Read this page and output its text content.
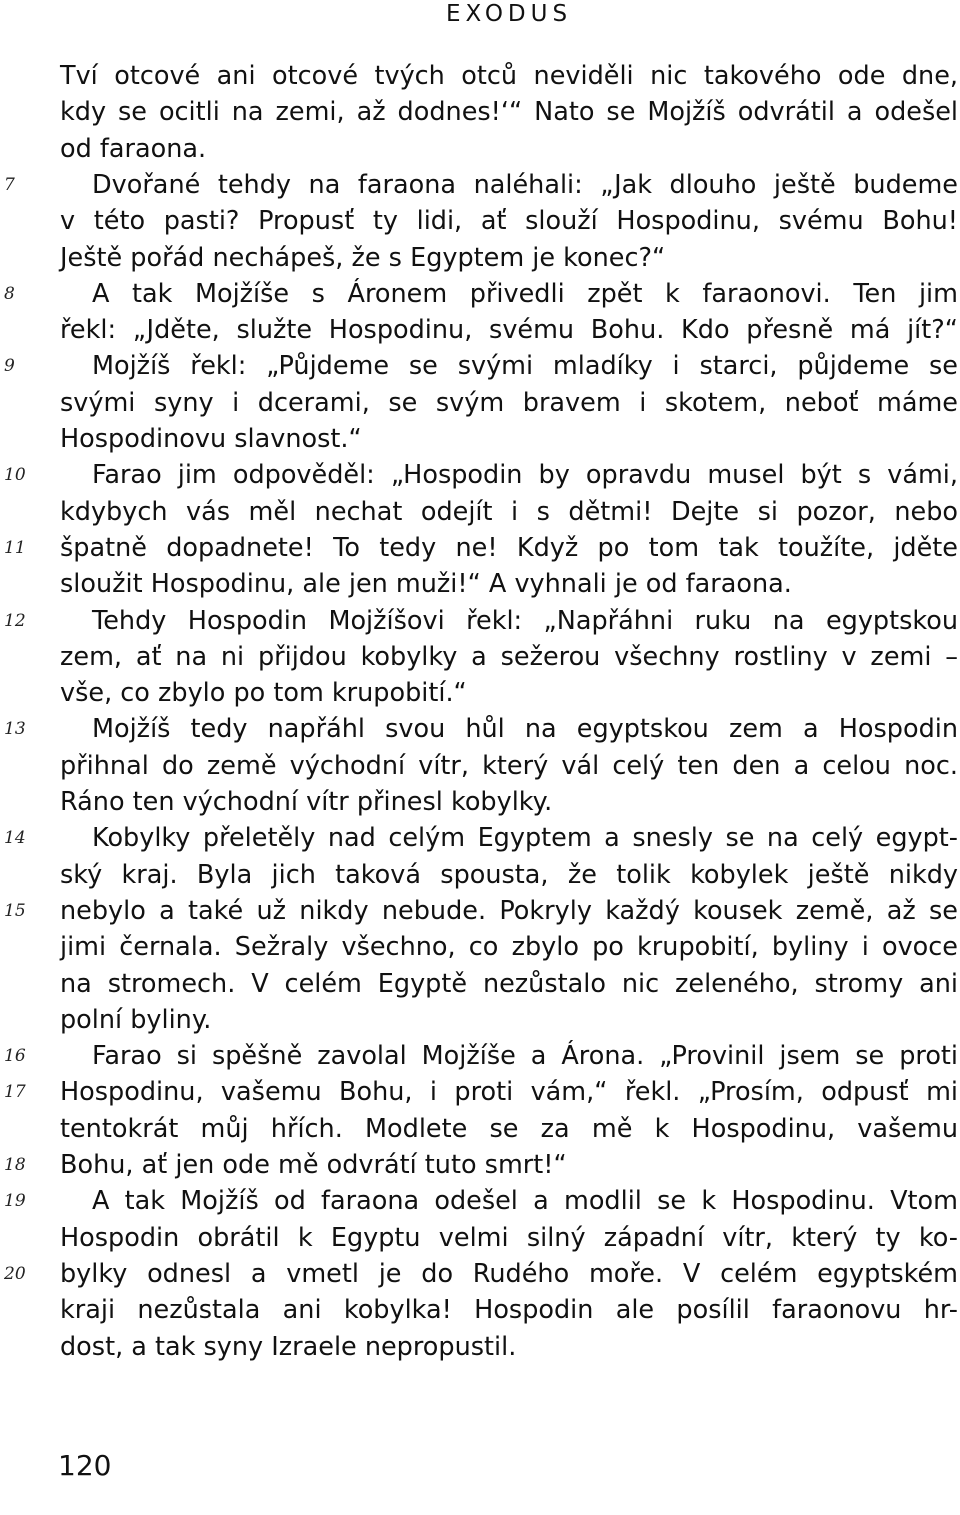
EXODUS
Tví otcové ani otcové tvých otců neviděli nic takového ode dne,
kdy se ocitli na zemi, až dodnes!‘“ Nato se Mojžíš odvrátil a odešel
od faraona.
Dvořané tehdy na faraona naléhali: „Jak dlouho ještě budeme
v této pasti? Propusť ty lidi, ať slouží Hospodinu, svému Bohu!
Ještě pořád nechápeš, že s Egyptem je konec?“
A tak Mojžíše s Áronem přivedli zpět k faraonovi. Ten jim
řekl: „Jděte, služte Hospodinu, svému Bohu. Kdo přesně má jít?“
Mojžíš řekl: „Půjdeme se svými mladíky i starci, půjdeme se
svými syny i dcerami, se svým bravem i skotem, neboť máme
Hospodinovu slavnost.“
Farao jim odpověděl: „Hospodin by opravdu musel být s vámi,
kdybych vás měl nechat odejít i s dětmi! Dejte si pozor, nebo
špatně dopadnete! To tedy ne! Když po tom tak toužíte, jděte
sloužit Hospodinu, ale jen muži!“ A vyhnali je od faraona.
Tehdy Hospodin Mojžíšovi řekl: „Napřáhni ruku na egyptskou
zem, ať na ni přijdou kobylky a sežerou všechny rostliny v zemi –
vše, co zbylo po tom krupobití.“
Mojžíš tedy napřáhl svou hůl na egyptskou zem a Hospodin
přihnal do země východní vítr, který vál celý ten den a celou noc.
Ráno ten východní vítr přinesl kobylky.
Kobylky přeletěly nad celým Egyptem a snesly se na celý egypt-
ský kraj. Byla jich taková spousta, že tolik kobylek ještě nikdy
nebylo a také už nikdy nebude. Pokryly každý kousek země, až se
jimi černala. Sežraly všechno, co zbylo po krupobití, byliny i ovoce
na stromech. V celém Egyptě nezůstalo nic zeleného, stromy ani
polní byliny.
Farao si spěšně zavolal Mojžíše a Árona. „Provinil jsem se proti
Hospodinu, vašemu Bohu, i proti vám,“ řekl. „Prosím, odpusť mi
tentokrát můj hřích. Modlete se za mě k Hospodinu, vašemu
Bohu, ať jen ode mě odvrátí tuto smrt!“
A tak Mojžíš od faraona odešel a modlil se k Hospodinu. Vtom
Hospodin obrátil k Egyptu velmi silný západní vítr, který ty ko-
bylky odnesl a vmetl je do Rudého moře. V celém egyptském
kraji nezůstala ani kobylka! Hospodin ale posílil faraonovu hr-
dost, a tak syny Izraele nepropustil.
7
8
9
10
11
12
13
14
15
16
17
18
19
20
120
